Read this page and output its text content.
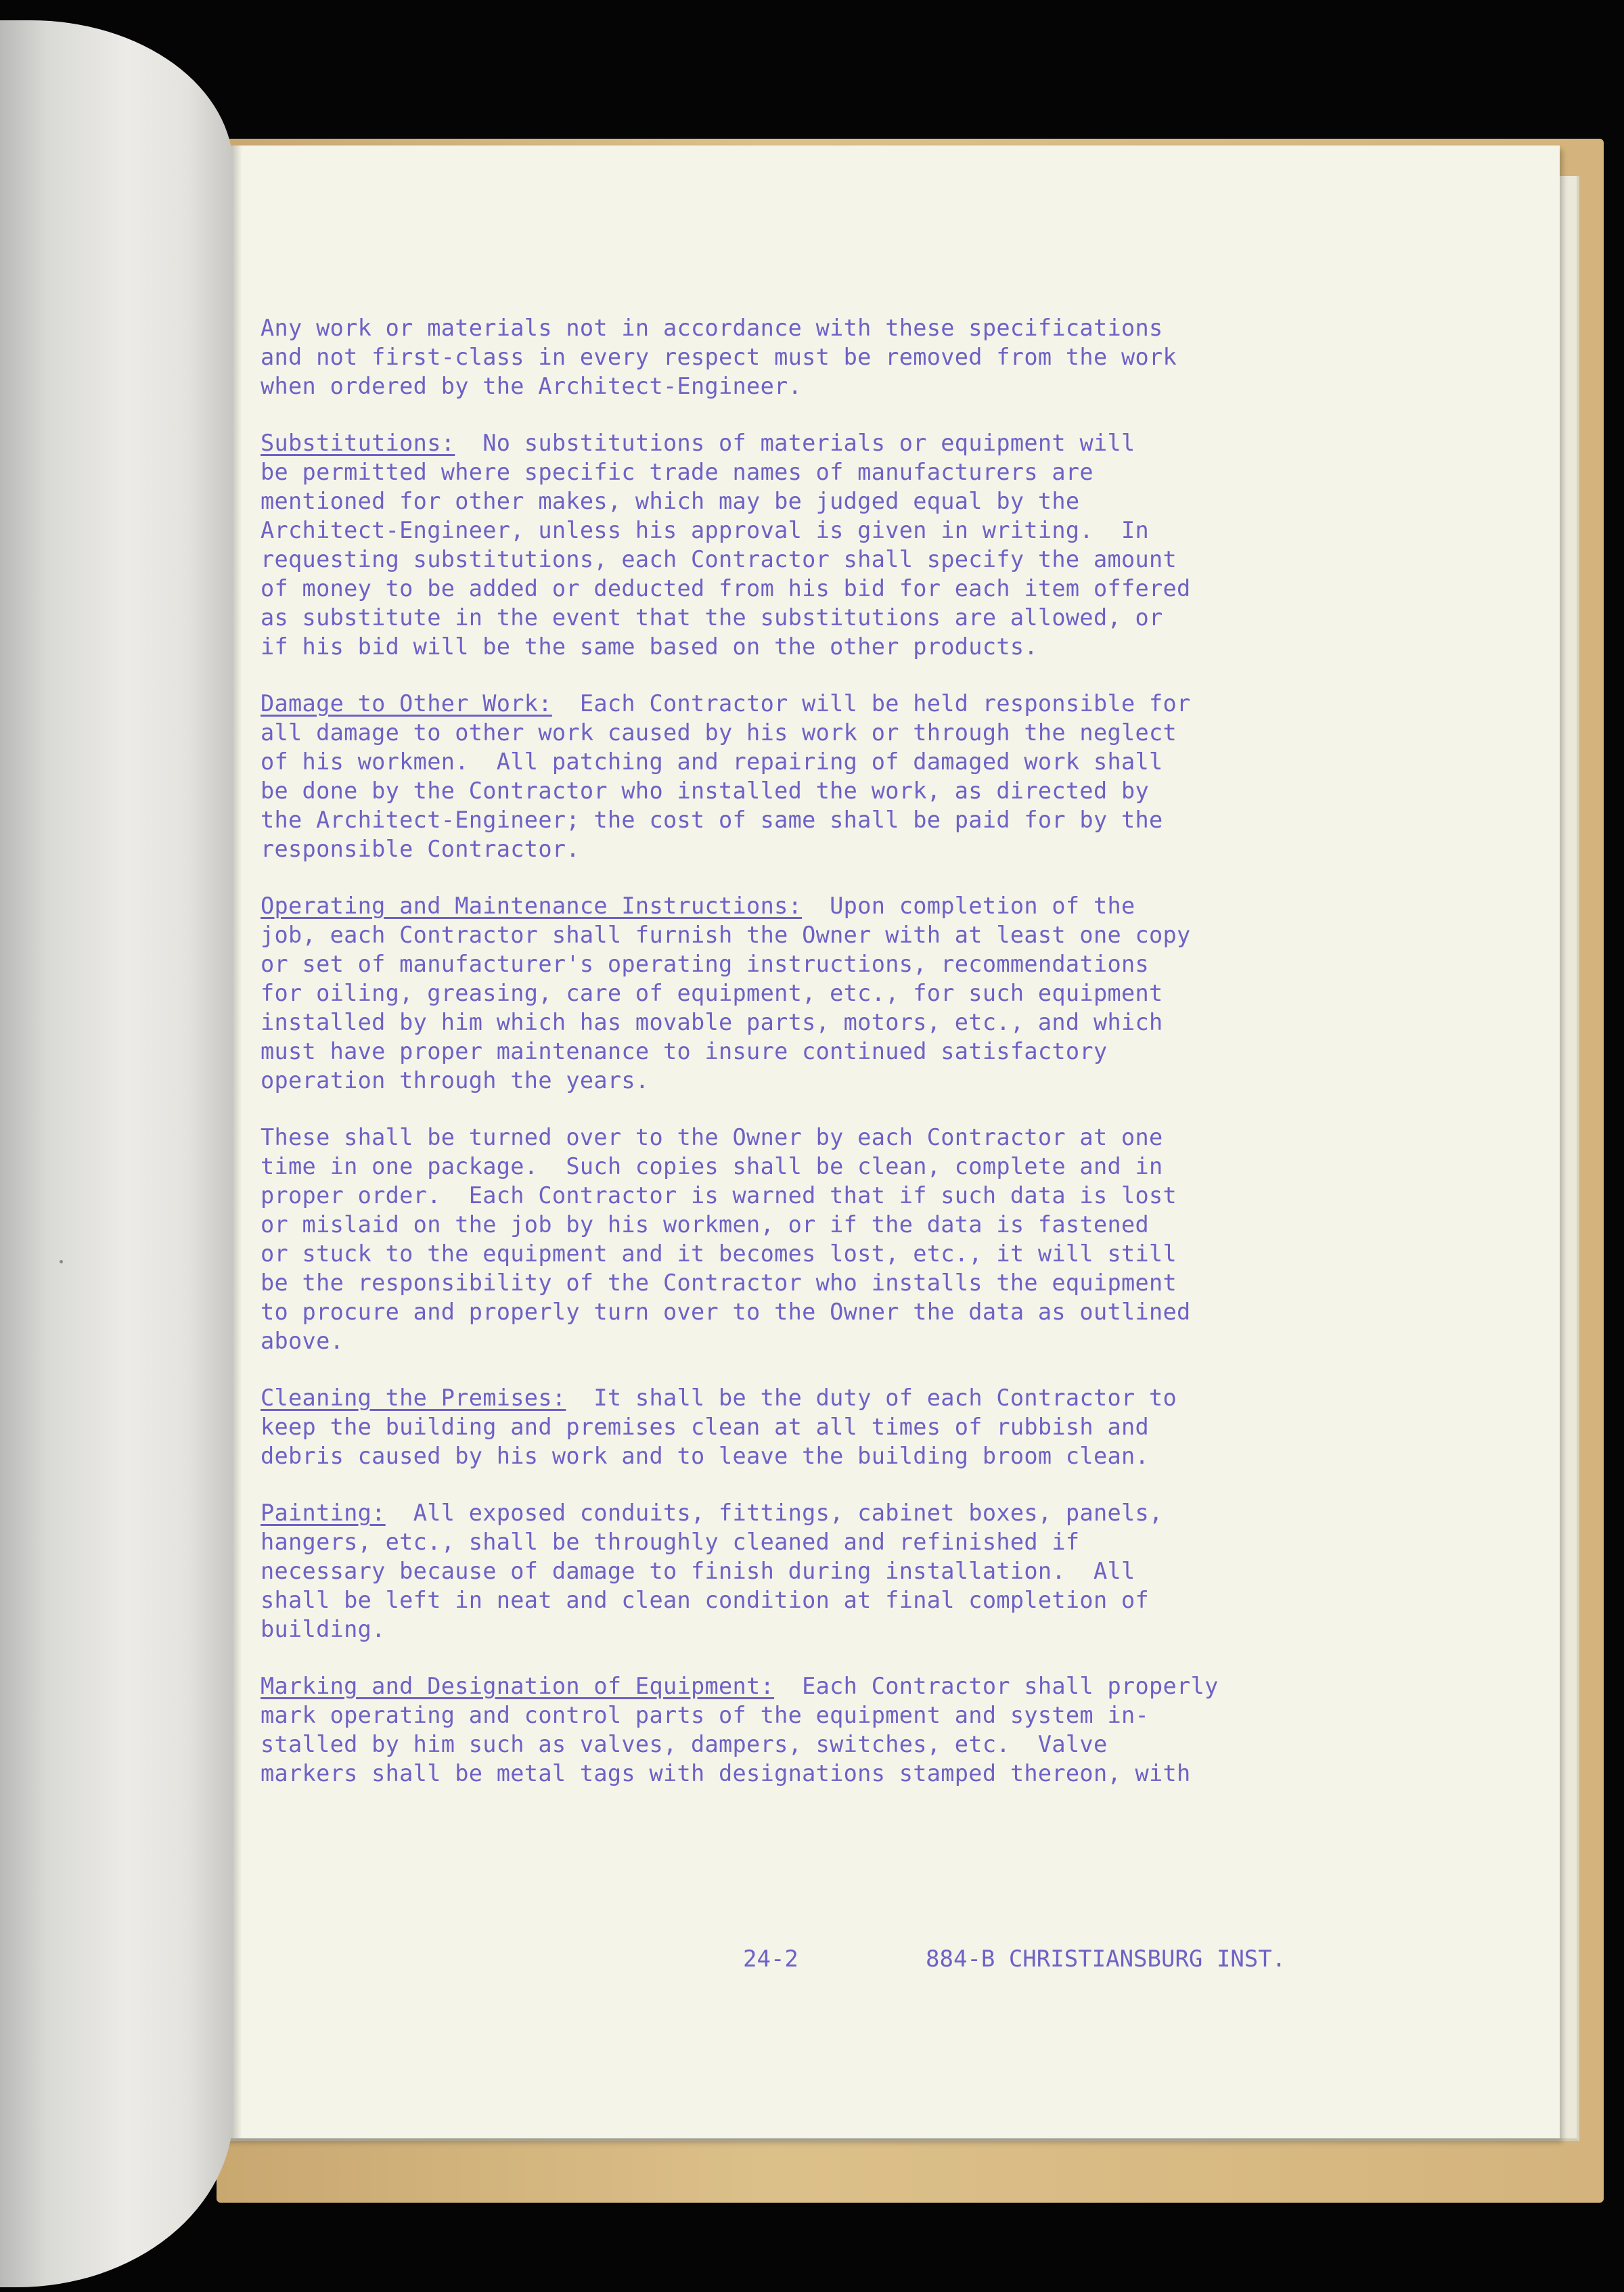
Any work or materials not in accordance with these specifications
and not first-class in every respect must be removed from the work
when ordered by the Architect-Engineer.
Substitutions:  No substitutions of materials or equipment will
be permitted where specific trade names of manufacturers are
mentioned for other makes, which may be judged equal by the
Architect-Engineer, unless his approval is given in writing.  In
requesting substitutions, each Contractor shall specify the amount
of money to be added or deducted from his bid for each item offered
as substitute in the event that the substitutions are allowed, or
if his bid will be the same based on the other products.
Damage to Other Work:  Each Contractor will be held responsible for
all damage to other work caused by his work or through the neglect
of his workmen.  All patching and repairing of damaged work shall
be done by the Contractor who installed the work, as directed by
the Architect-Engineer; the cost of same shall be paid for by the
responsible Contractor.
Operating and Maintenance Instructions:  Upon completion of the
job, each Contractor shall furnish the Owner with at least one copy
or set of manufacturer's operating instructions, recommendations
for oiling, greasing, care of equipment, etc., for such equipment
installed by him which has movable parts, motors, etc., and which
must have proper maintenance to insure continued satisfactory
operation through the years.
These shall be turned over to the Owner by each Contractor at one
time in one package.  Such copies shall be clean, complete and in
proper order.  Each Contractor is warned that if such data is lost
or mislaid on the job by his workmen, or if the data is fastened
or stuck to the equipment and it becomes lost, etc., it will still
be the responsibility of the Contractor who installs the equipment
to procure and properly turn over to the Owner the data as outlined
above.
Cleaning the Premises:  It shall be the duty of each Contractor to
keep the building and premises clean at all times of rubbish and
debris caused by his work and to leave the building broom clean.
Painting:  All exposed conduits, fittings, cabinet boxes, panels,
hangers, etc., shall be throughly cleaned and refinished if
necessary because of damage to finish during installation.  All
shall be left in neat and clean condition at final completion of
building.
Marking and Designation of Equipment:  Each Contractor shall properly
mark operating and control parts of the equipment and system in-
stalled by him such as valves, dampers, switches, etc.  Valve
markers shall be metal tags with designations stamped thereon, with
24-2	884-B CHRISTIANSBURG INST.
